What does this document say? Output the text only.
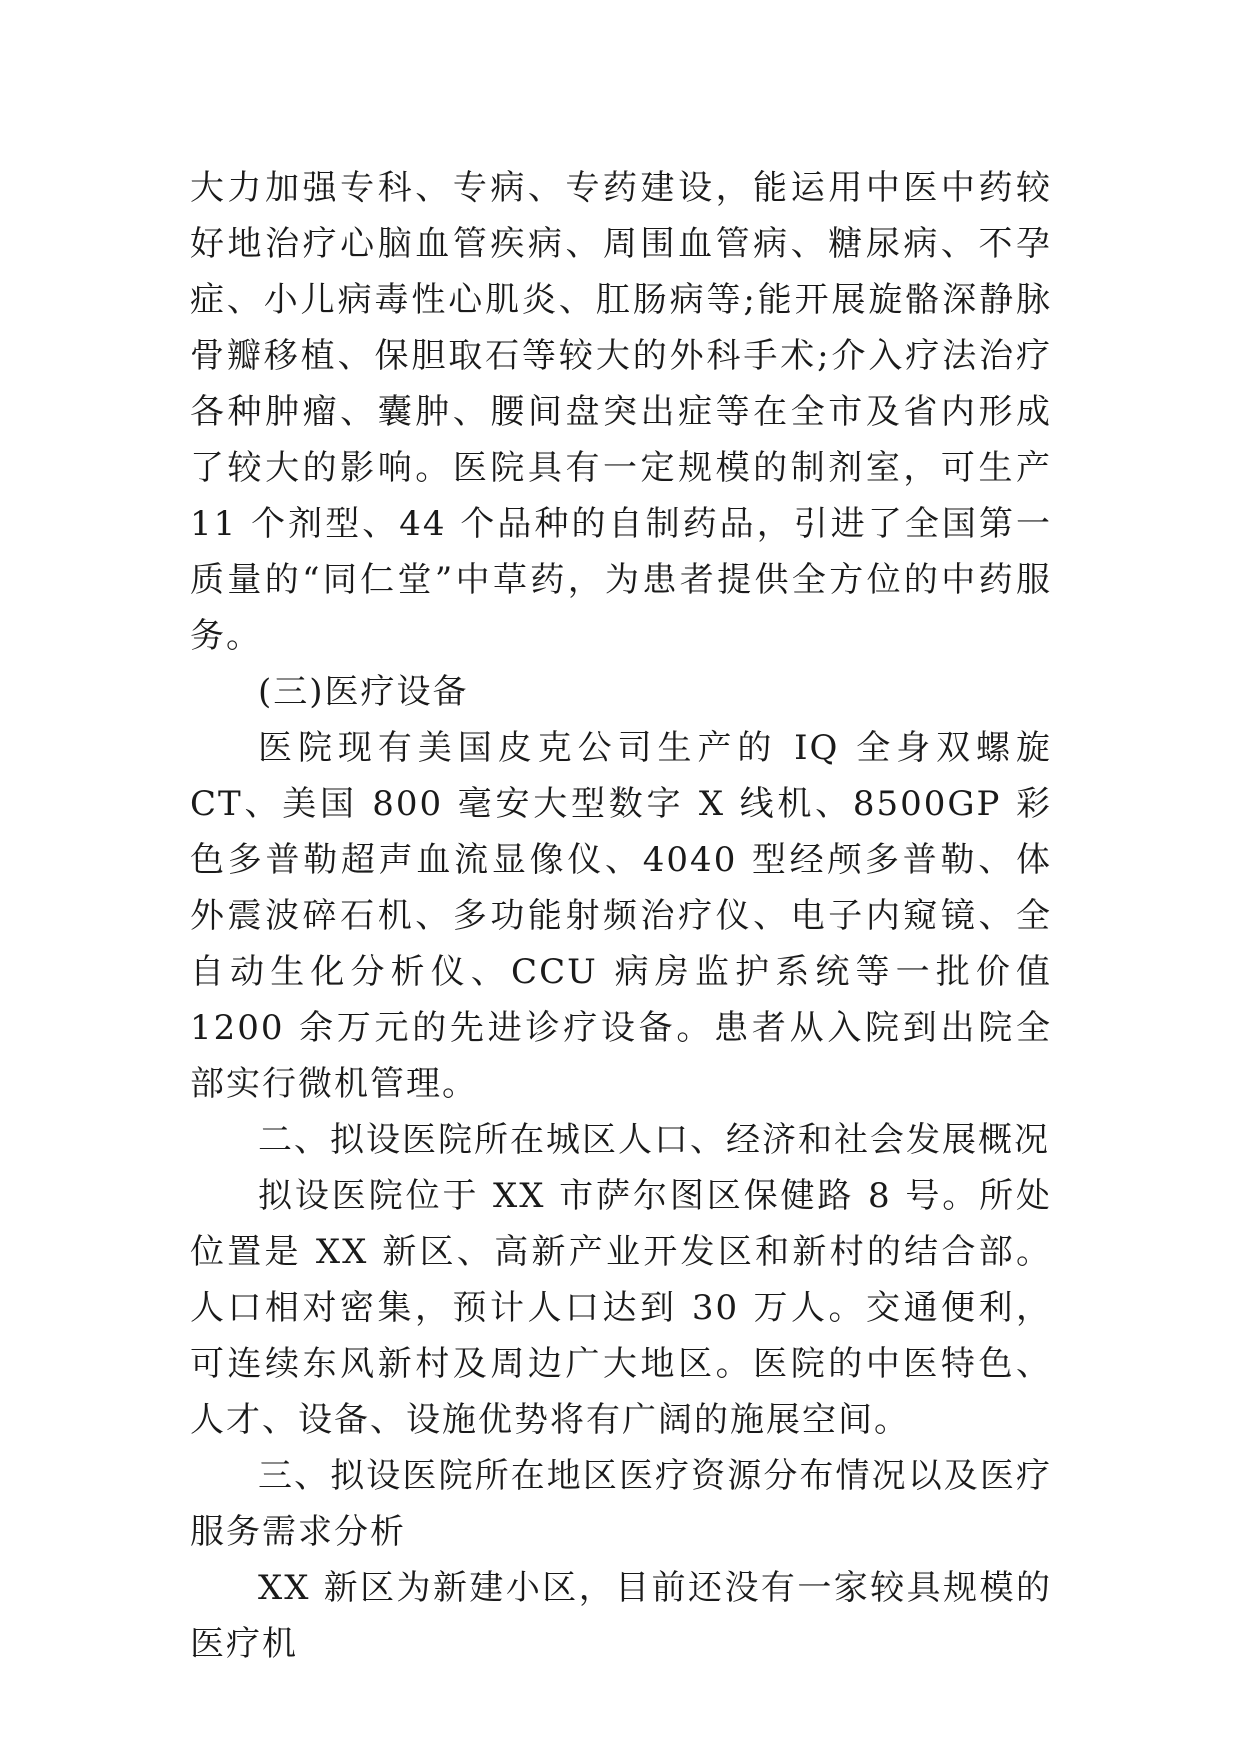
大力加强专科、专病、专药建设，能运用中医中药较好地治疗心脑血管疾病、周围血管病、糖尿病、不孕症、小儿病毒性心肌炎、肛肠病等;能开展旋骼深静脉骨瓣移植、保胆取石等较大的外科手术;介入疗法治疗各种肿瘤、囊肿、腰间盘突出症等在全市及省内形成了较大的影响。医院具有一定规模的制剂室，可生产 11 个剂型、44 个品种的自制药品，引进了全国第一质量的“同仁堂”中草药，为患者提供全方位的中药服务。

(三)医疗设备

医院现有美国皮克公司生产的 IQ 全身双螺旋 CT、美国 800 毫安大型数字 X 线机、8500GP 彩色多普勒超声血流显像仪、4040 型经颅多普勒、体外震波碎石机、多功能射频治疗仪、电子内窥镜、全自动生化分析仪、CCU 病房监护系统等一批价值 1200 余万元的先进诊疗设备。患者从入院到出院全部实行微机管理。

二、拟设医院所在城区人口、经济和社会发展概况

拟设医院位于 XX 市萨尔图区保健路 8 号。所处位置是 XX 新区、高新产业开发区和新村的结合部。人口相对密集，预计人口达到 30 万人。交通便利，可连续东风新村及周边广大地区。医院的中医特色、人才、设备、设施优势将有广阔的施展空间。

三、拟设医院所在地区医疗资源分布情况以及医疗服务需求分析

XX 新区为新建小区，目前还没有一家较具规模的医疗机
